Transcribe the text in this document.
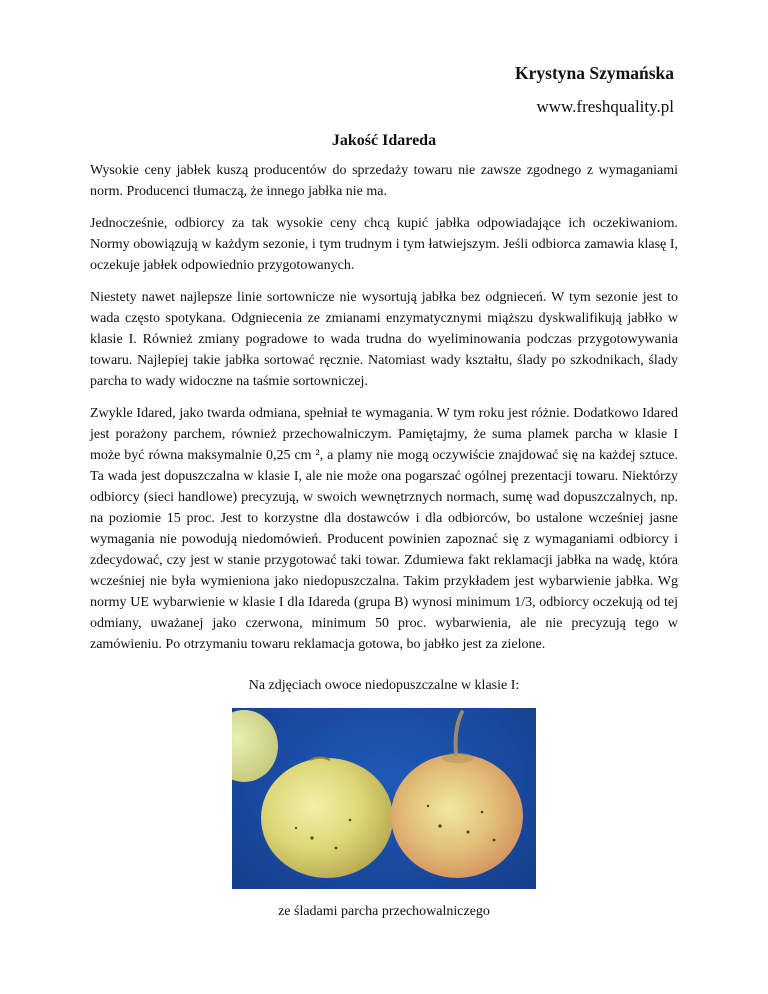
Krystyna Szymańska

www.freshquality.pl

Jakość Idareda

Wysokie ceny jabłek kuszą producentów do sprzedaży towaru nie zawsze zgodnego z wymaganiami norm. Producenci tłumaczą, że innego jabłka nie ma.

Jednocześnie, odbiorcy za tak wysokie ceny chcą kupić jabłka odpowiadające ich oczekiwaniom. Normy obowiązują w każdym sezonie, i tym trudnym i tym łatwiejszym. Jeśli odbiorca zamawia klasę I, oczekuje jabłek odpowiednio przygotowanych.

Niestety nawet najlepsze linie sortownicze nie wysortują jabłka bez odgnieceń. W tym sezonie jest to wada często spotykana. Odgniecenia ze zmianami enzymatycznymi miąższu dyskwalifikują jabłko w klasie I. Również zmiany pogradowe to wada trudna do wyeliminowania podczas przygotowywania towaru. Najlepiej takie jabłka sortować ręcznie. Natomiast wady kształtu, ślady po szkodnikach, ślady parcha to wady widoczne na taśmie sortowniczej.

Zwykle Idared, jako twarda odmiana, spełniał te wymagania. W tym roku jest różnie. Dodatkowo Idared jest porażony parchem, również przechowalniczym. Pamiętajmy, że suma plamek parcha w klasie I może być równa maksymalnie 0,25 cm ², a plamy nie mogą oczywiście znajdować się na każdej sztuce. Ta wada jest dopuszczalna w klasie I, ale nie może ona pogarszać ogólnej prezentacji towaru. Niektórzy odbiorcy (sieci handlowe) precyzują, w swoich wewnętrznych normach, sumę wad dopuszczalnych, np. na poziomie 15 proc. Jest to korzystne dla dostawców i dla odbiorców, bo ustalone wcześniej jasne wymagania nie powodują niedomówień. Producent powinien zapoznać się z wymaganiami odbiorcy i zdecydować, czy jest w stanie przygotować taki towar. Zdumiewa fakt reklamacji jabłka na wadę, która wcześniej nie była wymieniona jako niedopuszczalna. Takim przykładem jest wybarwienie jabłka. Wg normy UE wybarwienie w klasie I dla Idareda (grupa B) wynosi minimum 1/3, odbiorcy oczekują od tej odmiany, uważanej jako czerwona, minimum 50 proc. wybarwienia, ale nie precyzują tego w zamówieniu. Po otrzymaniu towaru reklamacja gotowa, bo jabłko jest za zielone.

Na zdjęciach owoce niedopuszczalne w klasie I:

ze śladami parcha przechowalniczego
